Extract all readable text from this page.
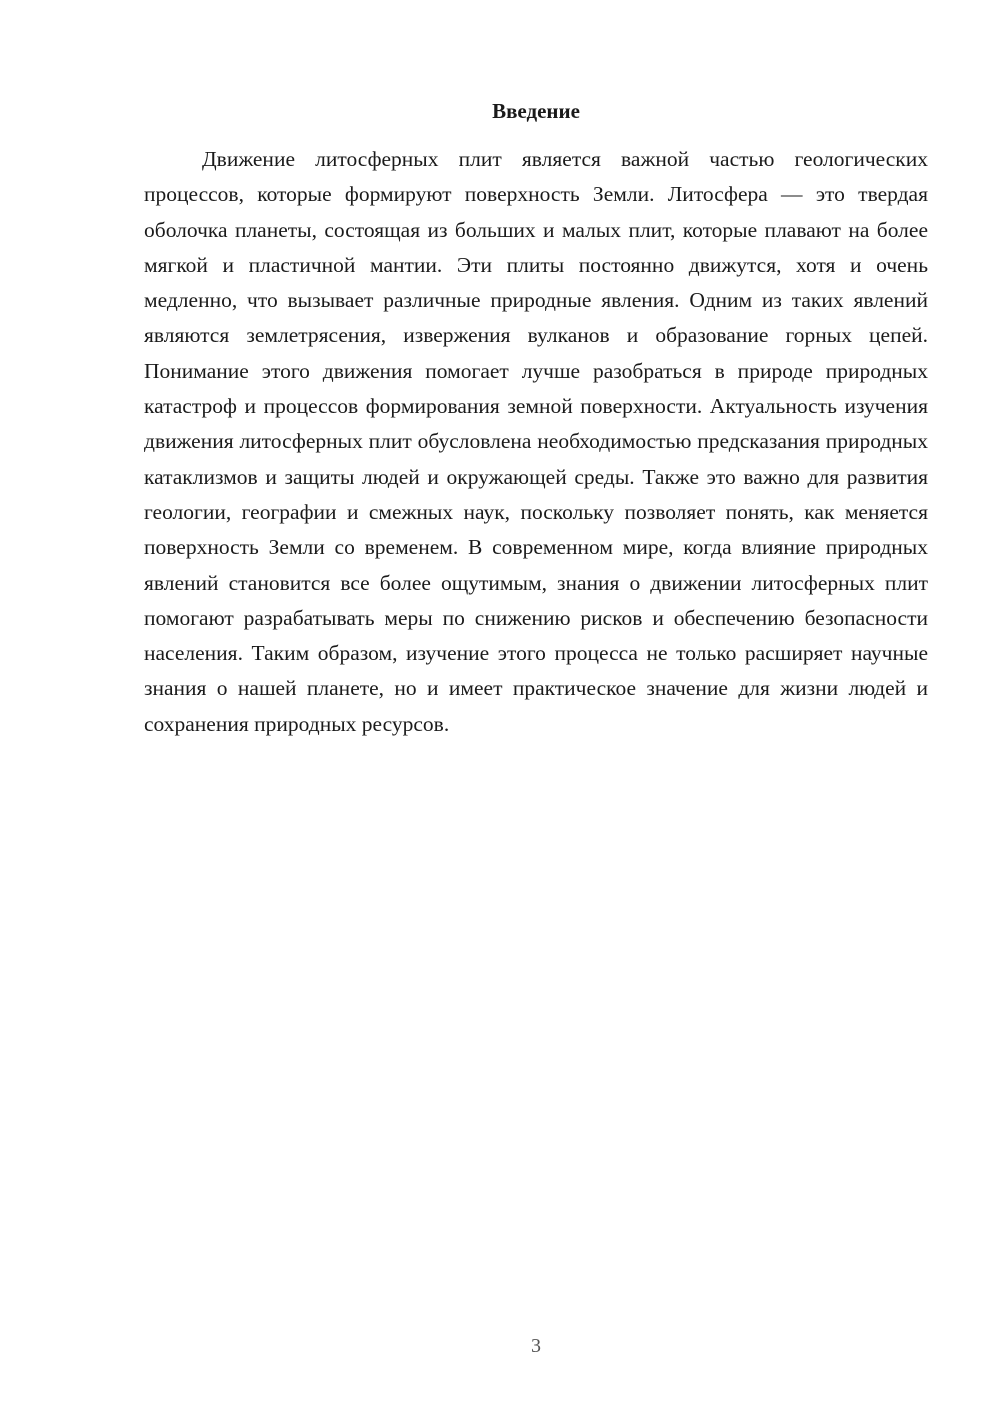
Введение

Движение литосферных плит является важной частью геологических процессов, которые формируют поверхность Земли. Литосфера — это твердая оболочка планеты, состоящая из больших и малых плит, которые плавают на более мягкой и пластичной мантии. Эти плиты постоянно движутся, хотя и очень медленно, что вызывает различные природные явления. Одним из таких явлений являются землетрясения, извержения вулканов и образование горных цепей. Понимание этого движения помогает лучше разобраться в природе природных катастроф и процессов формирования земной поверхности. Актуальность изучения движения литосферных плит обусловлена необходимостью предсказания природных катаклизмов и защиты людей и окружающей среды. Также это важно для развития геологии, географии и смежных наук, поскольку позволяет понять, как меняется поверхность Земли со временем. В современном мире, когда влияние природных явлений становится все более ощутимым, знания о движении литосферных плит помогают разрабатывать меры по снижению рисков и обеспечению безопасности населения. Таким образом, изучение этого процесса не только расширяет научные знания о нашей планете, но и имеет практическое значение для жизни людей и сохранения природных ресурсов.

3
